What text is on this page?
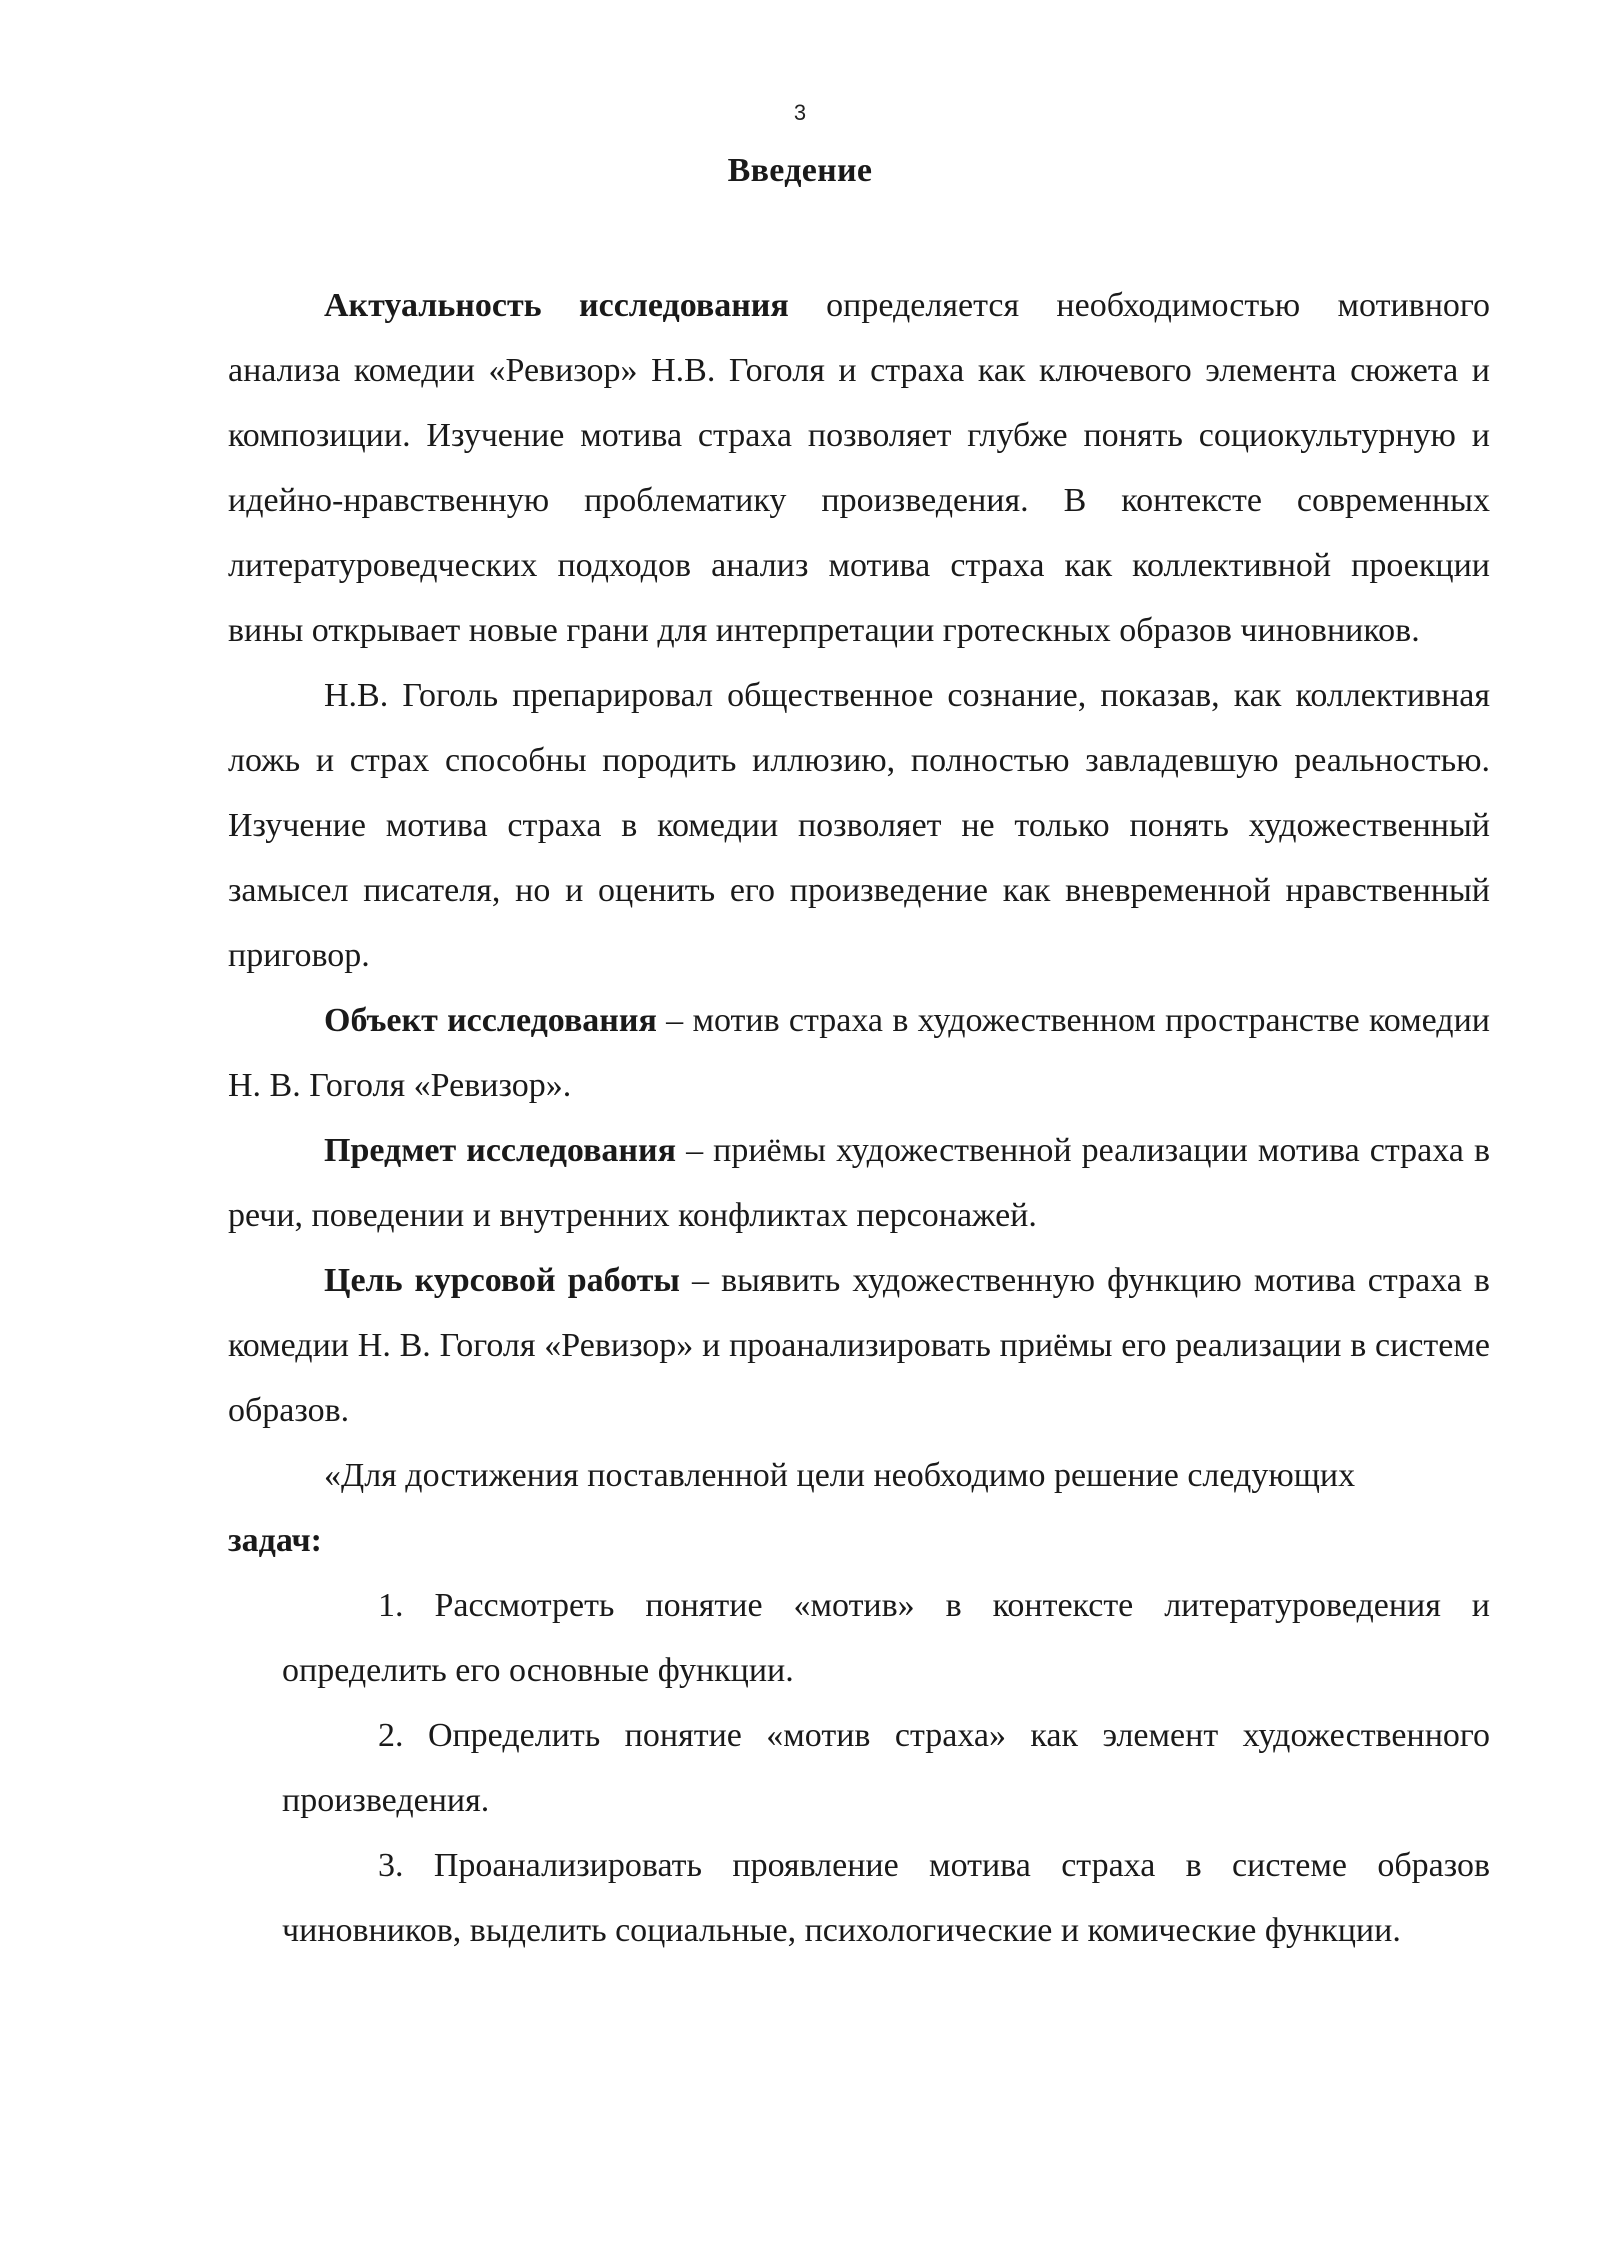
3
Введение

Актуальность исследования определяется необходимостью мотивного анализа комедии «Ревизор» Н.В. Гоголя и страха как ключевого элемента сюжета и композиции. Изучение мотива страха позволяет глубже понять социокультурную и идейно-нравственную проблематику произведения. В контексте современных литературоведческих подходов анализ мотива страха как коллективной проекции вины открывает новые грани для интерпретации гротескных образов чиновников.

Н.В. Гоголь препарировал общественное сознание, показав, как коллективная ложь и страх способны породить иллюзию, полностью завладевшую реальностью. Изучение мотива страха в комедии позволяет не только понять художественный замысел писателя, но и оценить его произведение как вневременной нравственный приговор.

Объект исследования – мотив страха в художественном пространстве комедии Н. В. Гоголя «Ревизор».

Предмет исследования – приёмы художественной реализации мотива страха в речи, поведении и внутренних конфликтах персонажей.

Цель курсовой работы – выявить художественную функцию мотива страха в комедии Н. В. Гоголя «Ревизор» и проанализировать приёмы его реализации в системе образов.

«Для достижения поставленной цели необходимо решение следующих
задач:

1. Рассмотреть понятие «мотив» в контексте литературоведения и определить его основные функции.
2. Определить понятие «мотив страха» как элемент художественного произведения.
3. Проанализировать проявление мотива страха в системе образов чиновников, выделить социальные, психологические и комические функции.
